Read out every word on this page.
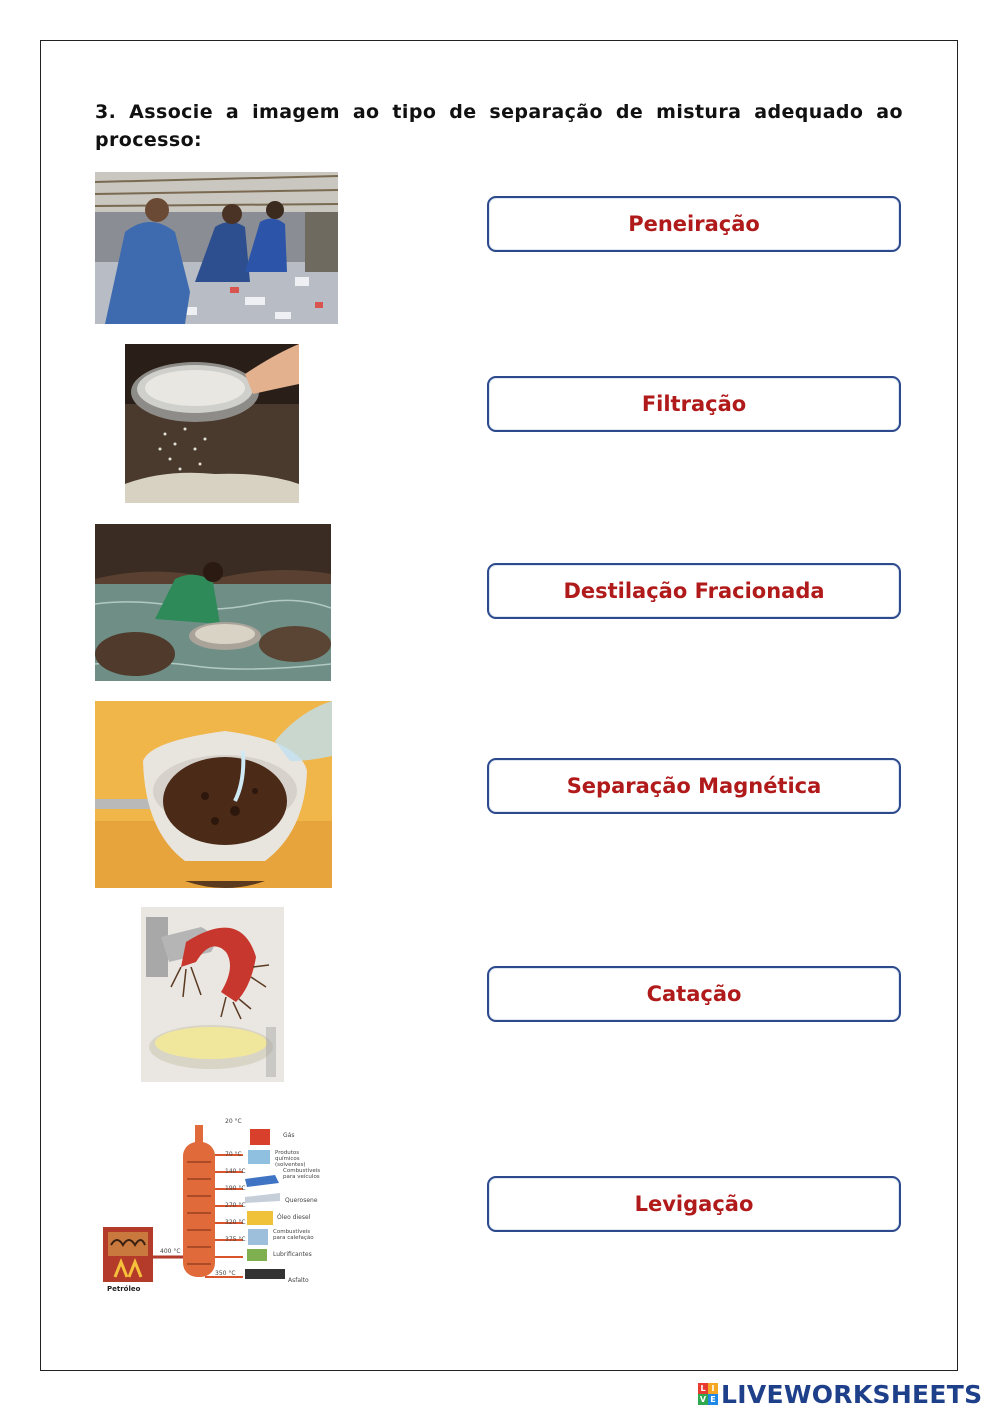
3. Associe a imagem ao tipo de separação de mistura adequado ao processo:
20 °C
70 °C
140 °C
190 °C
270 °C
320 °C
375 °C
400 °C
350 °C
Gás
Produtos químicos (solventes)
Combustíveis para veículos
Querosene
Óleo diesel
Combustíveis para calefação
Lubrificantes
Asfalto
Petróleo
Peneiração
Filtração
Destilação Fracionada
Separação Magnética
Catação
Levigação
L I
V E LIVEWORKSHEETS
